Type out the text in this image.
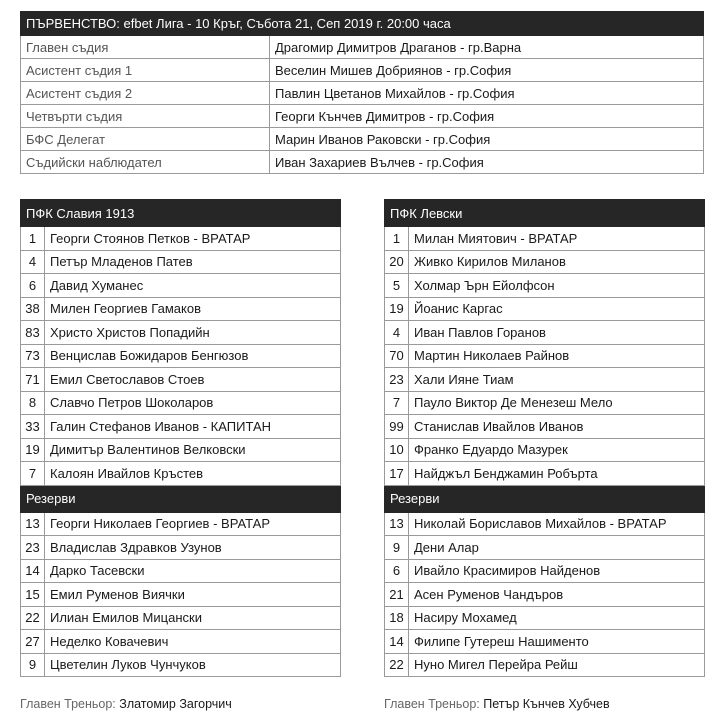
ПЪРВЕНСТВО: efbet Лига - 10 Кръг, Събота 21, Сеп 2019 г. 20:00 часа	
Главен съдия	Драгомир Димитров Драганов - гр.Варна
Асистент съдия 1	Веселин Мишев Добриянов - гр.София
Асистент съдия 2	Павлин Цветанов Михайлов - гр.София
Четвърти съдия	Георги Кънчев Димитров - гр.София
БФС Делегат	Марин Иванов Раковски - гр.София
Съдийски наблюдател	Иван Захариев Вълчев - гр.София
ПФК Славия 1913	
1	Георги Стоянов Петков - ВРАТАР
4	Петър Младенов Патев
6	Давид Хуманес
38	Милен Георгиев Гамаков
83	Христо Христов Попадийн
73	Венцислав Божидаров Бенгюзов
71	Емил Светославов Стоев
8	Славчо Петров Шоколаров
33	Галин Стефанов Иванов - КАПИТАН
19	Димитър Валентинов Велковски
7	Калоян Ивайлов Кръстев
Резерви	
13	Георги Николаев Георгиев - ВРАТАР
23	Владислав Здравков Узунов
14	Дарко Тасевски
15	Емил Руменов Виячки
22	Илиан Емилов Мицански
27	Неделко Ковачевич
9	Цветелин Луков Чунчуков
ПФК Левски	
1	Милан Миятович - ВРАТАР
20	Живко Кирилов Миланов
5	Холмар Ърн Ейолфсон
19	Йоанис Каргас
4	Иван Павлов Горанов
70	Мартин Николаев Райнов
23	Хали Ияне Тиам
7	Пауло Виктор Де Менезеш Мело
99	Станислав Ивайлов Иванов
10	Франко Едуардо Мазурек
17	Найджъл Бенджамин Робърта
Резерви	
13	Николай Бориславов Михайлов - ВРАТАР
9	Дени Алар
6	Ивайло Красимиров Найденов
21	Асен Руменов Чандъров
18	Насиру Мохамед
14	Филипе Гутереш Нашименто
22	Нуно Мигел Перейра Рейш
Главен Треньор: Златомир Загорчич	Главен Треньор: Петър Кънчев Хубчев
